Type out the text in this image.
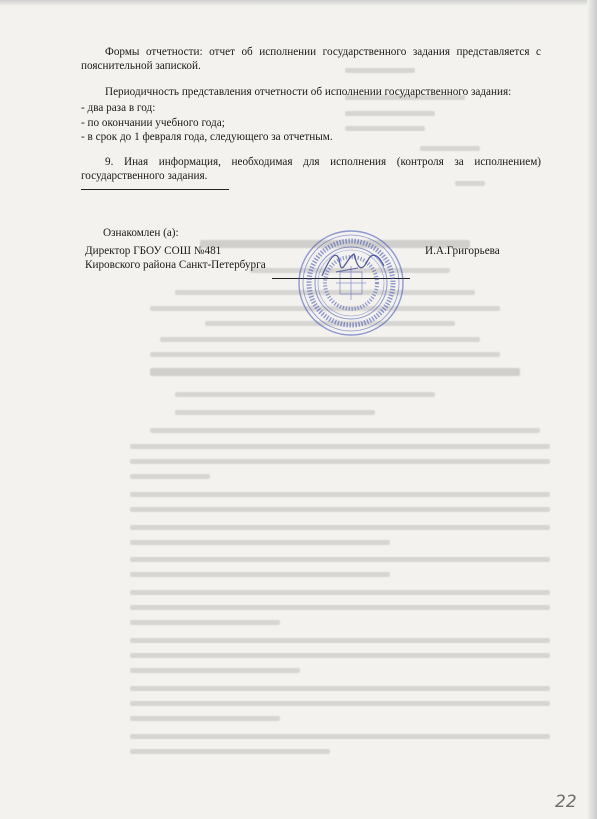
Формы отчетности: отчет об исполнении государственного задания представляется с пояснительной запиской.

Периодичность представления отчетности об исполнении государственного задания:

- два раза в год:
- по окончании учебного года;
- в срок до 1 февраля года, следующего за отчетным.

9. Иная информация, необходимая для исполнения (контроля за исполнением) государственного задания.

Ознакомлен (а):
Директор ГБОУ СОШ №481
Кировского района Санкт-Петербурга
И.А.Григорьева
22
